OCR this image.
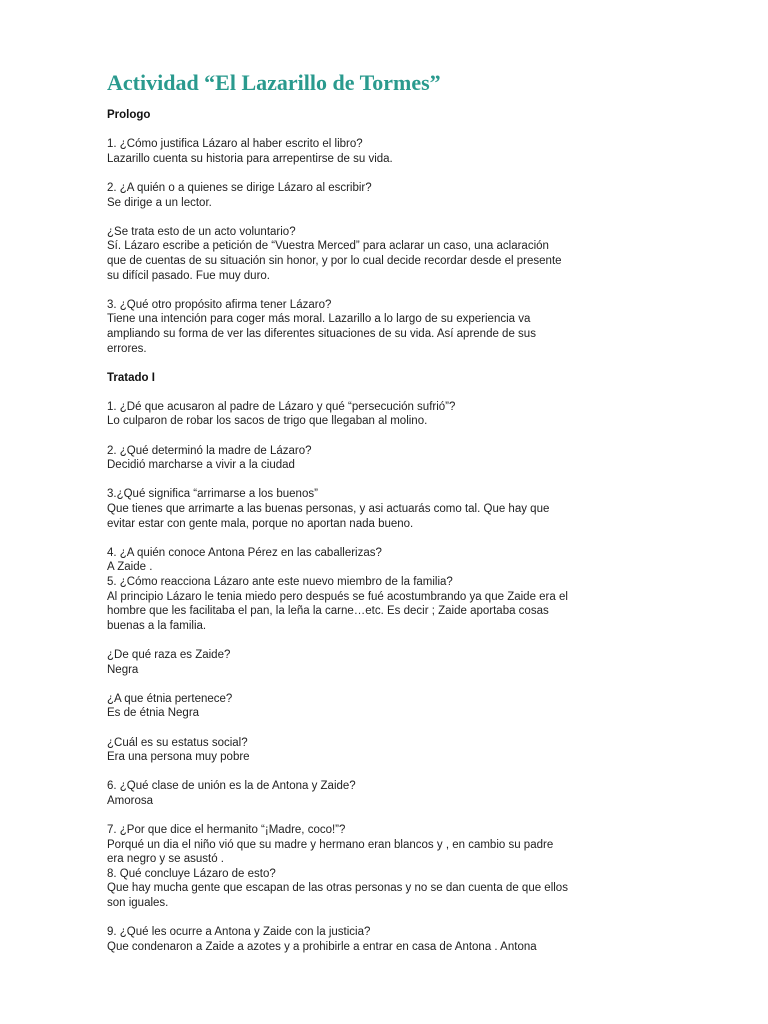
Actividad “El Lazarillo de Tormes”
Prologo
1. ¿Cómo justifica Lázaro al haber escrito el libro?
Lazarillo cuenta su historia para arrepentirse de su vida.
2. ¿A quién o a quienes se dirige Lázaro al escribir?
Se dirige a un lector.
¿Se trata esto de un acto voluntario?
Sí. Lázaro escribe a petición de “Vuestra Merced” para aclarar un caso, una aclaración
que de cuentas de su situación sin honor, y por lo cual decide recordar desde el presente
su difícil pasado. Fue muy duro.
3. ¿Qué otro propósito afirma tener Lázaro?
Tiene una intención para coger más moral. Lazarillo a lo largo de su experiencia va
ampliando su forma de ver las diferentes situaciones de su vida. Así aprende de sus
errores.
Tratado I
1. ¿Dé que acusaron al padre de Lázaro y qué “persecución sufrió”?
Lo culparon de robar los sacos de trigo que llegaban al molino.
2. ¿Qué determinó la madre de Lázaro?
Decidió marcharse a vivir a la ciudad
3.¿Qué significa “arrimarse a los buenos”
Que tienes que arrimarte a las buenas personas, y asi actuarás como tal. Que hay que
evitar estar con gente mala, porque no aportan nada bueno.
4. ¿A quién conoce Antona Pérez en las caballerizas?
A Zaide .
5. ¿Cómo reacciona Lázaro ante este nuevo miembro de la familia?
Al principio Lázaro le tenia miedo pero después se fué acostumbrando ya que Zaide era el
hombre que les facilitaba el pan, la leña la carne…etc. Es decir ; Zaide aportaba cosas
buenas a la familia.
¿De qué raza es Zaide?
Negra
¿A que étnia pertenece?
Es de étnia Negra
¿Cuál es su estatus social?
Era una persona muy pobre
6. ¿Qué clase de unión es la de Antona y Zaide?
Amorosa
7. ¿Por que dice el hermanito “¡Madre, coco!”?
Porqué un dia el niño vió que su madre y hermano eran blancos y , en cambio su padre
era negro y se asustó .
8. Qué concluye Lázaro de esto?
Que hay mucha gente que escapan de las otras personas y no se dan cuenta de que ellos
son iguales.
9. ¿Qué les ocurre a Antona y Zaide con la justicia?
Que condenaron a Zaide a azotes y a prohibirle a entrar en casa de Antona . Antona
